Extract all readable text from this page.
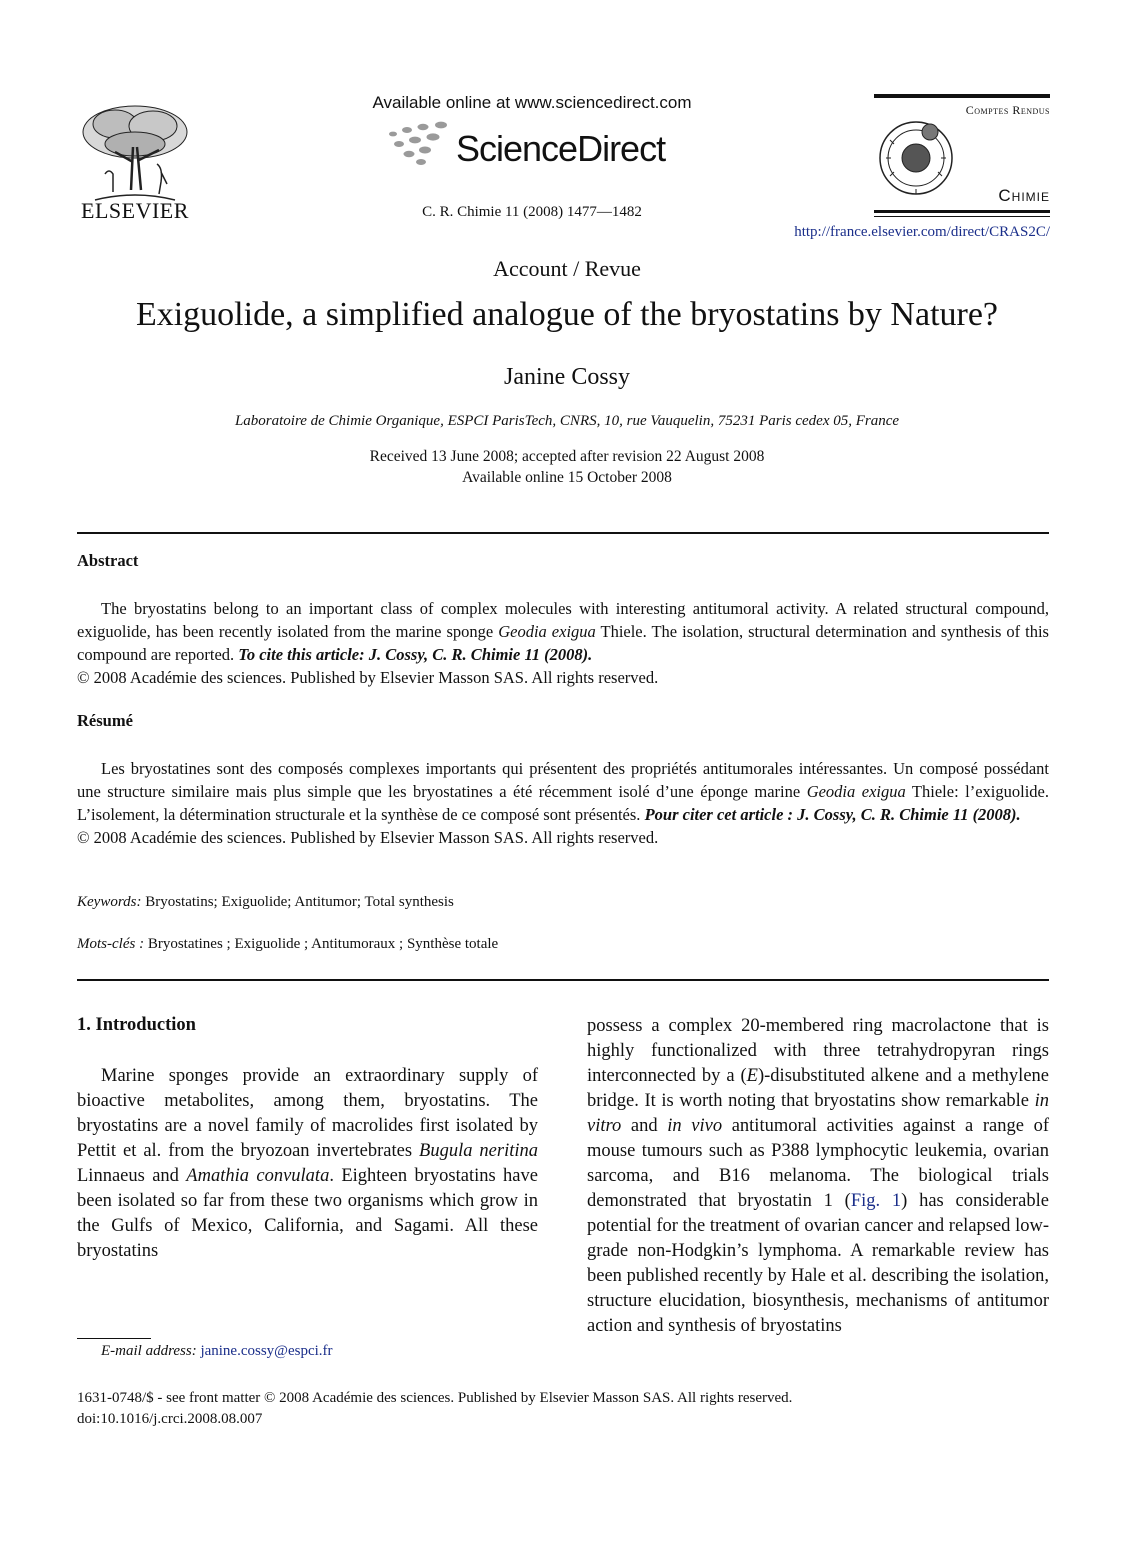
ELSEVIER
Available online at www.sciencedirect.com
ScienceDirect
C. R. Chimie 11 (2008) 1477—1482
Comptes Rendus
Chimie
http://france.elsevier.com/direct/CRAS2C/
Account / Revue
Exiguolide, a simplified analogue of the bryostatins by Nature?
Janine Cossy
Laboratoire de Chimie Organique, ESPCI ParisTech, CNRS, 10, rue Vauquelin, 75231 Paris cedex 05, France
Received 13 June 2008; accepted after revision 22 August 2008
Available online 15 October 2008
Abstract

The bryostatins belong to an important class of complex molecules with interesting antitumoral activity. A related structural compound, exiguolide, has been recently isolated from the marine sponge Geodia exigua Thiele. The isolation, structural determination and synthesis of this compound are reported. To cite this article: J. Cossy, C. R. Chimie 11 (2008).

© 2008 Académie des sciences. Published by Elsevier Masson SAS. All rights reserved.

Résumé

Les bryostatines sont des composés complexes importants qui présentent des propriétés antitumorales intéressantes. Un composé possédant une structure similaire mais plus simple que les bryostatines a été récemment isolé d’une éponge marine Geodia exigua Thiele: l’exiguolide. L’isolement, la détermination structurale et la synthèse de ce composé sont présentés. Pour citer cet article : J. Cossy, C. R. Chimie 11 (2008).

© 2008 Académie des sciences. Published by Elsevier Masson SAS. All rights reserved.

Keywords: Bryostatins; Exiguolide; Antitumor; Total synthesis
Mots-clés : Bryostatines ; Exiguolide ; Antitumoraux ; Synthèse totale
1. Introduction

Marine sponges provide an extraordinary supply of bioactive metabolites, among them, bryostatins. The bryostatins are a novel family of macrolides first isolated by Pettit et al. from the bryozoan invertebrates Bugula neritina Linnaeus and Amathia convulata. Eighteen bryostatins have been isolated so far from these two organisms which grow in the Gulfs of Mexico, California, and Sagami. All these bryostatins

possess a complex 20-membered ring macrolactone that is highly functionalized with three tetrahydropyran rings interconnected by a (E)-disubstituted alkene and a methylene bridge. It is worth noting that bryostatins show remarkable in vitro and in vivo antitumoral activities against a range of mouse tumours such as P388 lymphocytic leukemia, ovarian sarcoma, and B16 melanoma. The biological trials demonstrated that bryostatin 1 (Fig. 1) has considerable potential for the treatment of ovarian cancer and relapsed low-grade non-Hodgkin’s lymphoma. A remarkable review has been published recently by Hale et al. describing the isolation, structure elucidation, biosynthesis, mechanisms of antitumor action and synthesis of bryostatins

E-mail address: janine.cossy@espci.fr
1631-0748/$ - see front matter © 2008 Académie des sciences. Published by Elsevier Masson SAS. All rights reserved.
doi:10.1016/j.crci.2008.08.007
